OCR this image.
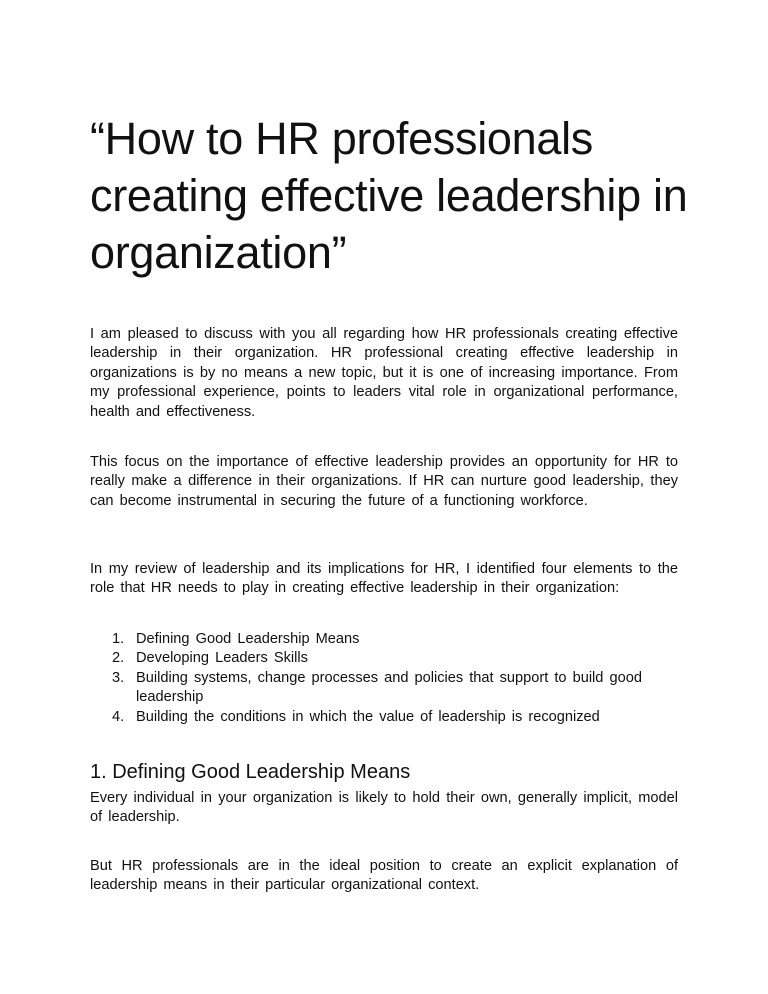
“How to HR professionals creating effective leadership in organization”

I am pleased to discuss with you all regarding how HR professionals creating effective leadership in their organization. HR professional creating effective leadership in organizations is by no means a new topic, but it is one of increasing importance. From my professional experience, points to leaders vital role in organizational performance, health and effectiveness.

This focus on the importance of effective leadership provides an opportunity for HR to really make a difference in their organizations. If HR can nurture good leadership, they can become instrumental in securing the future of a functioning workforce.

In my review of leadership and its implications for HR, I identified four elements to the role that HR needs to play in creating effective leadership in their organization:

1. Defining Good Leadership Means
2. Developing Leaders Skills
3. Building systems, change processes and policies that support to build good leadership
4. Building the conditions in which the value of leadership is recognized
1. Defining Good Leadership Means

Every individual in your organization is likely to hold their own, generally implicit, model of leadership.

But HR professionals are in the ideal position to create an explicit explanation of leadership means in their particular organizational context.
